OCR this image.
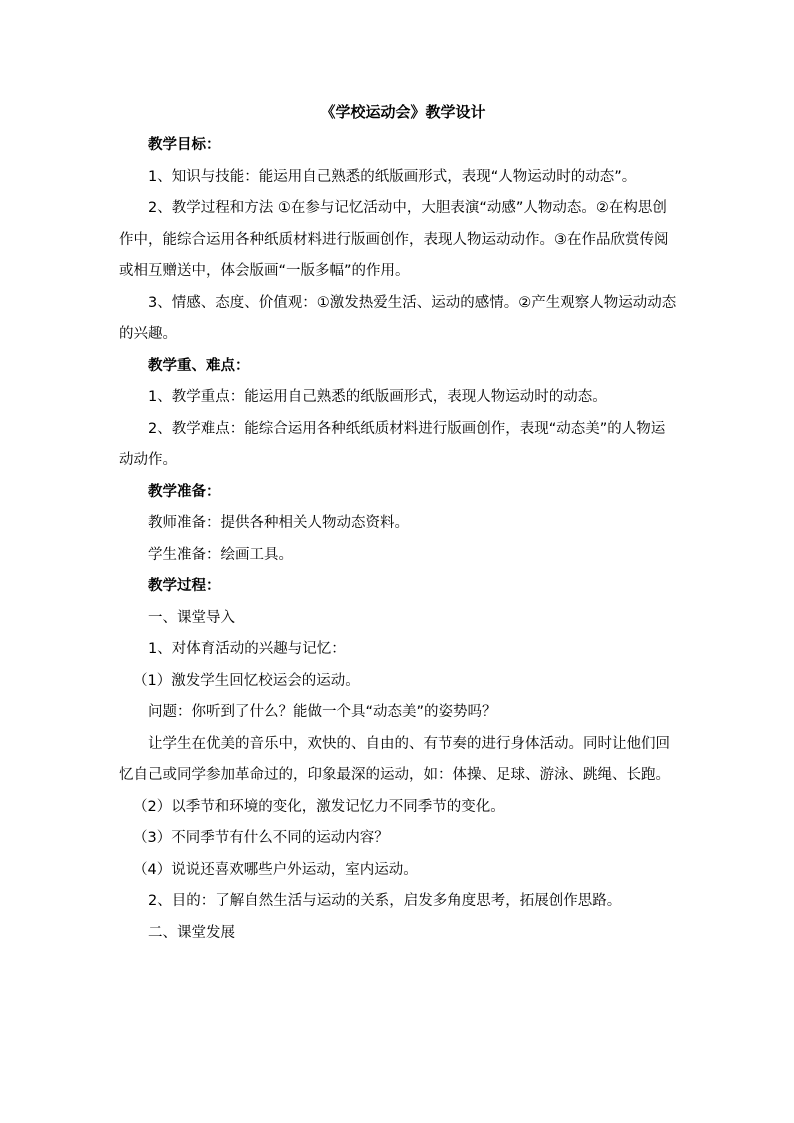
《学校运动会》教学设计

教学目标：

1、知识与技能：能运用自己熟悉的纸版画形式，表现“人物运动时的动态”。

2、教学过程和方法 ①在参与记忆活动中，大胆表演“动感”人物动态。②在构思创作中，能综合运用各种纸质材料进行版画创作，表现人物运动动作。③在作品欣赏传阅或相互赠送中，体会版画“一版多幅”的作用。

3、情感、态度、价值观：①激发热爱生活、运动的感情。②产生观察人物运动动态的兴趣。

教学重、难点：

1、教学重点：能运用自己熟悉的纸版画形式，表现人物运动时的动态。

2、教学难点：能综合运用各种纸纸质材料进行版画创作，表现“动态美”的人物运动动作。

教学准备：

教师准备：提供各种相关人物动态资料。

学生准备：绘画工具。

教学过程：

一、课堂导入

1、对体育活动的兴趣与记忆：

（1）激发学生回忆校运会的运动。

问题：你听到了什么？能做一个具“动态美”的姿势吗？

让学生在优美的音乐中，欢快的、自由的、有节奏的进行身体活动。同时让他们回忆自己或同学参加革命过的，印象最深的运动，如：体操、足球、游泳、跳绳、长跑。

（2）以季节和环境的变化，激发记忆力不同季节的变化。

（3）不同季节有什么不同的运动内容？

（4）说说还喜欢哪些户外运动，室内运动。

2、目的：了解自然生活与运动的关系，启发多角度思考，拓展创作思路。

二、课堂发展
